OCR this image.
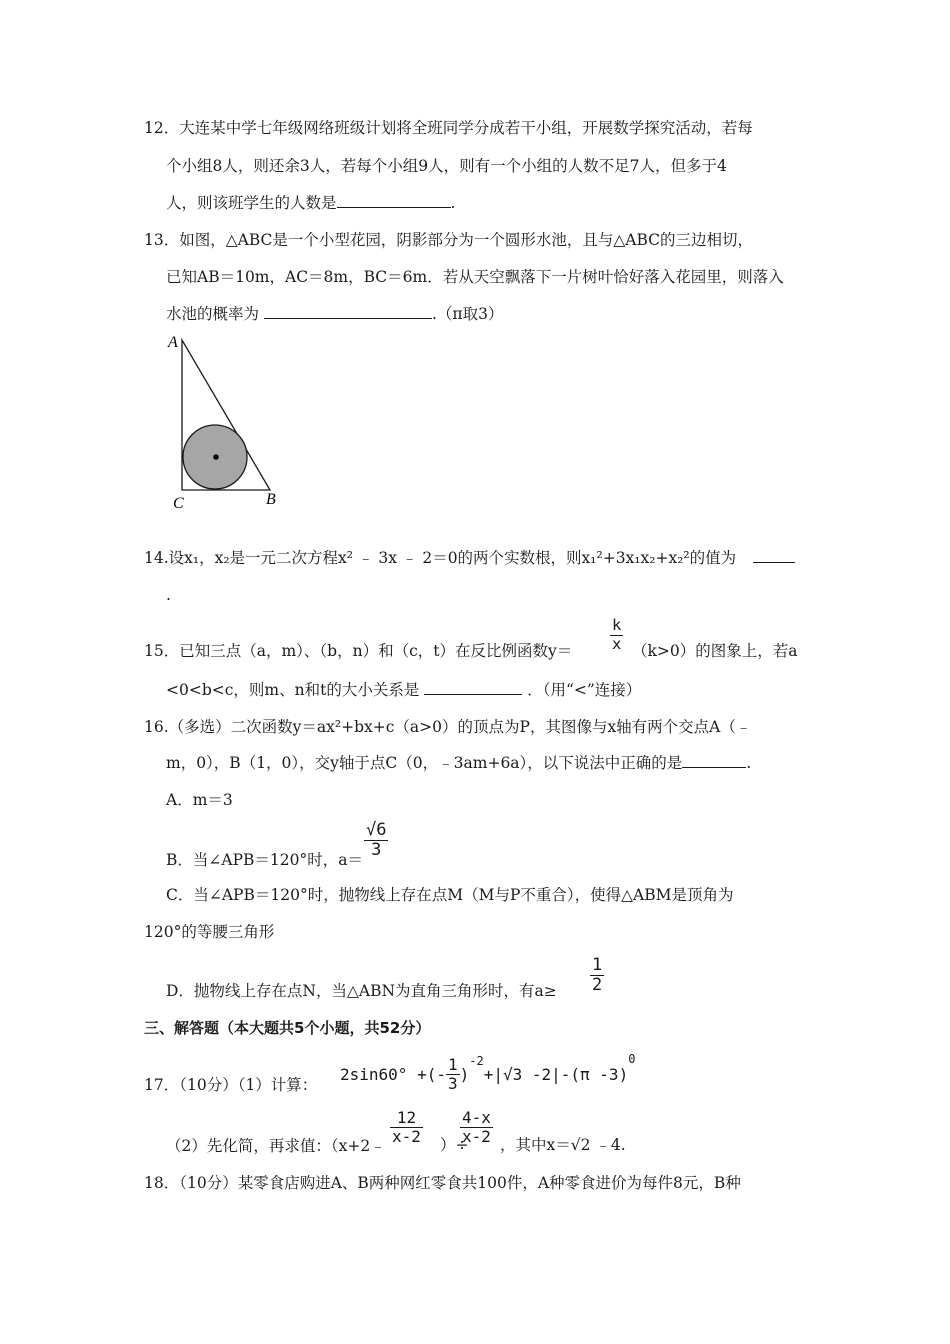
12．大连某中学七年级网络班级计划将全班同学分成若干小组，开展数学探究活动，若每
个小组8人，则还余3人，若每个小组9人，则有一个小组的人数不足7人，但多于4
人，则该班学生的人数是	.
13．如图，△ABC是一个小型花园，阴影部分为一个圆形水池，且与△ABC的三边相切，
已知AB＝10m，AC＝8m，BC＝6m．若从天空飘落下一片树叶恰好落入花园里，则落入
水池的概率为	.（π取3）
A
C	B
14.设x₁，x₂是一元二次方程x² ﹣ 3x ﹣ 2＝0的两个实数根，则x₁²+3x₁x₂+x₂²的值为
.
15．已知三点（a，m）、（b，n）和（c，t）在反比例函数$y= \frac{k}{x} (k>0)$的图象上，若a
<0<b<c，则m、n和t的大小关系是	．（用“<”连接）
16.（多选）二次函数y＝ax²+bx+c（a>0）的顶点为P，其图像与x轴有两个交点A（﹣
m，0），B（1，0），交y轴于点C（0，﹣3am+6a），以下说法中正确的是	.
A．m＝3
B．当∠APB＝120°时，a＝
$\frac{√6}{3}$
C．当∠APB＝120°时，抛物线上存在点M（M与P不重合），使得△ABM是顶角为
120°的等腰三角形
D．抛物线上存在点N，当△ABN为直角三角形时，有$a\ge \frac{1}{2}$
三、解答题（本大题共5个小题，共52分）
17．（10分）（1）计算：
2sin60° +(- $\frac{1}{3} )^{-2}+|√3$ -2|-(π -3)$^0$
（2）先化简，再求值：（x+2﹣
$\frac{12}{x-2}$ ）÷
$\frac{4-x}{x-2}$ ，其中x＝√2 ﹣4.
18．（10分）某零食店购进A、B两种网红零食共100件，A种零食进价为每件8元，B种
